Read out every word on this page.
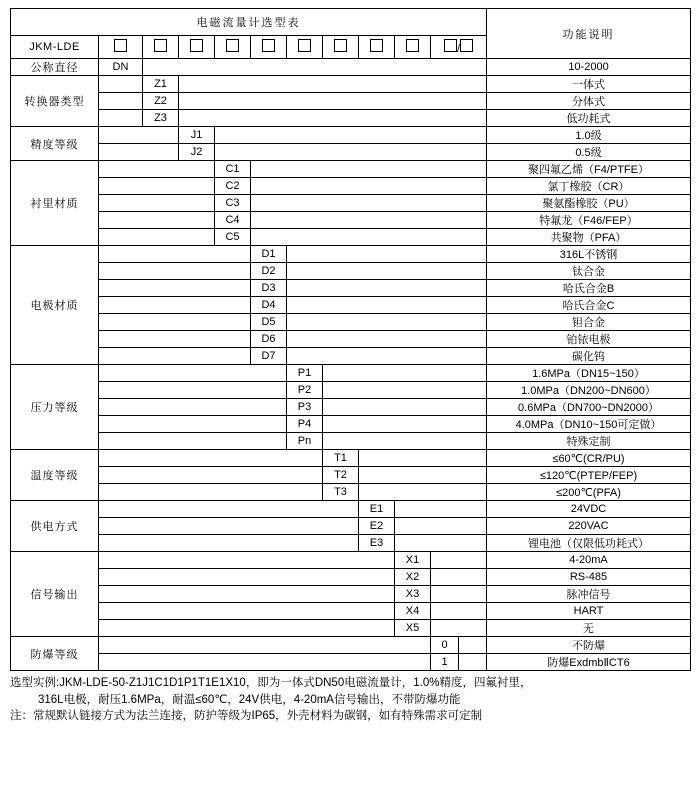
电磁流量计选型表												功能说明
JKM-LDE										/		
公称直径	DN											10-2000
转换器类型		Z1										一体式
		Z2										分体式
		Z3										低功耗式
精度等级			J1									1.0级
			J2									0.5级
衬里材质				C1								聚四氟乙烯（F4/PTFE）
				C2								氯丁橡胶（CR）
				C3								聚氨酯橡胶（PU）
				C4								特氟龙（F46/FEP）
				C5								共聚物（PFA）
电极材质					D1							316L不锈钢
					D2							钛合金
					D3							哈氏合金B
					D4							哈氏合金C
					D5							钽合金
					D6							铂铱电极
					D7							碳化钨
压力等级						P1						1.6MPa（DN15~150）
						P2						1.0MPa（DN200~DN600）
						P3						0.6MPa（DN700~DN2000）
						P4						4.0MPa（DN10~150可定做）
						Pn						特殊定制
温度等级							T1					≤60℃(CR/PU)
							T2					≤120℃(PTEP/FEP)
							T3					≤200℃(PFA)
供电方式								E1				24VDC
								E2				220VAC
								E3				锂电池（仅限低功耗式）
信号输出									X1			4-20mA
									X2			RS-485
									X3			脉冲信号
									X4			HART
									X5			无
防爆等级										0		不防爆
										1		防爆ExdmbⅡCT6
选型实例:JKM-LDE-50-Z1J1C1D1P1T1E1X10，即为一体式DN50电磁流量计，1.0%精度，四氟衬里，
316L电极，耐压1.6MPa，耐温≤60℃，24V供电，4-20mA信号输出，不带防爆功能
注：常规默认链接方式为法兰连接，防护等级为IP65，外壳材料为碳钢，如有特殊需求可定制
